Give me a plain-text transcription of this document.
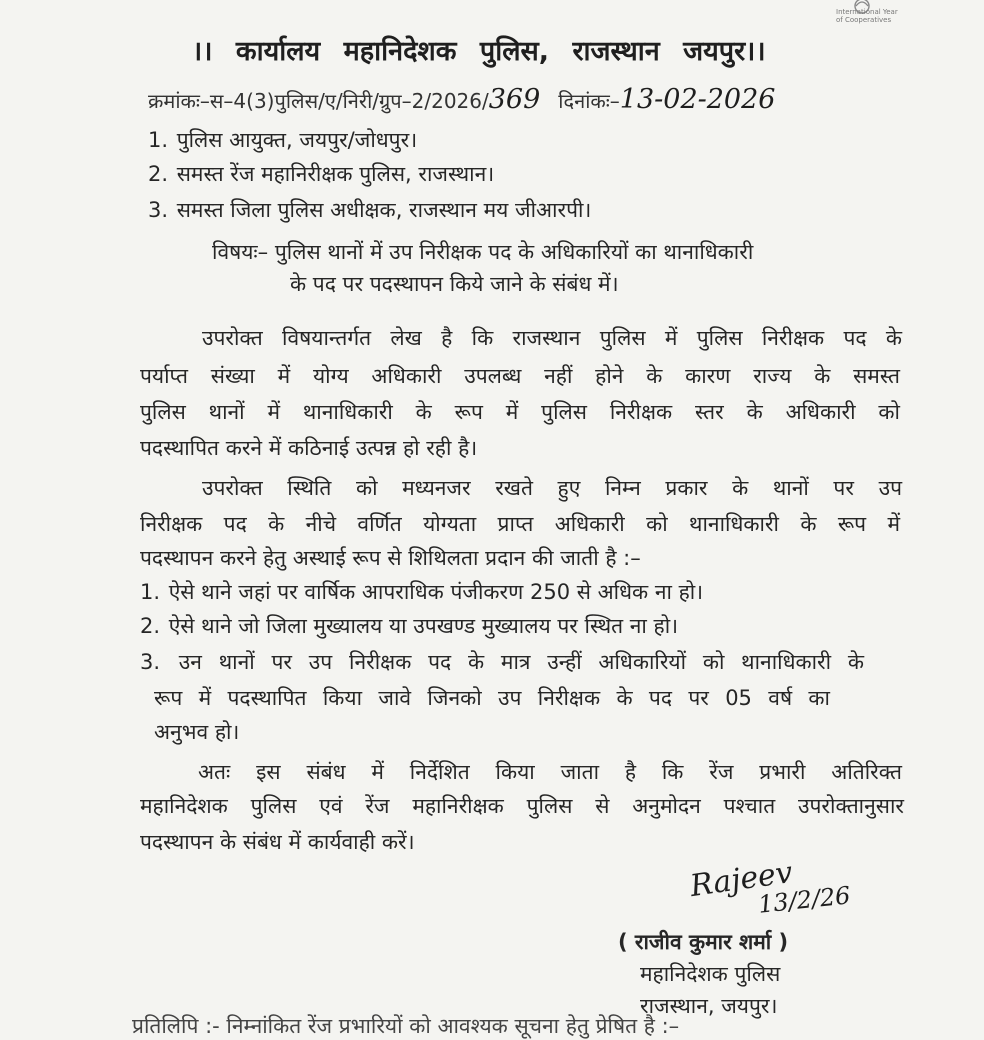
International Year of Cooperatives
।। कार्यालय महानिदेशक पुलिस, राजस्थान जयपुर।।
क्रमांकः–स–4(3)पुलिस/ए/निरी/ग्रुप–2/2026/369 दिनांकः–13-02-2026
1. पुलिस आयुक्त, जयपुर/जोधपुर।
2. समस्त रेंज महानिरीक्षक पुलिस, राजस्थान।
3. समस्त जिला पुलिस अधीक्षक, राजस्थान मय जीआरपी।
विषयः– पुलिस थानों में उप निरीक्षक पद के अधिकारियों का थानाधिकारी
के पद पर पदस्थापन किये जाने के संबंध में।
उपरोक्त विषयान्तर्गत लेख है कि राजस्थान पुलिस में पुलिस निरीक्षक पद के
पर्याप्त संख्या में योग्य अधिकारी उपलब्ध नहीं होने के कारण राज्य के समस्त
पुलिस थानों में थानाधिकारी के रूप में पुलिस निरीक्षक स्तर के अधिकारी को
पदस्थापित करने में कठिनाई उत्पन्न हो रही है।
उपरोक्त स्थिति को मध्यनजर रखते हुए निम्न प्रकार के थानों पर उप
निरीक्षक पद के नीचे वर्णित योग्यता प्राप्त अधिकारी को थानाधिकारी के रूप में
पदस्थापन करने हेतु अस्थाई रूप से शिथिलता प्रदान की जाती है :–
1. ऐसे थाने जहां पर वार्षिक आपराधिक पंजीकरण 250 से अधिक ना हो।
2. ऐसे थाने जो जिला मुख्यालय या उपखण्ड मुख्यालय पर स्थित ना हो।
3. उन थानों पर उप निरीक्षक पद के मात्र उन्हीं अधिकारियों को थानाधिकारी के
रूप में पदस्थापित किया जावे जिनको उप निरीक्षक के पद पर 05 वर्ष का
अनुभव हो।
अतः इस संबंध में निर्देशित किया जाता है कि रेंज प्रभारी अतिरिक्त
महानिदेशक पुलिस एवं रेंज महानिरीक्षक पुलिस से अनुमोदन पश्चात उपरोक्तानुसार
पदस्थापन के संबंध में कार्यवाही करें।
Rajeev
13/2/26
( राजीव कुमार शर्मा )
महानिदेशक पुलिस
राजस्थान, जयपुर।
प्रतिलिपि :- निम्नांकित रेंज प्रभारियों को आवश्यक सूचना हेतु प्रेषित है :–
